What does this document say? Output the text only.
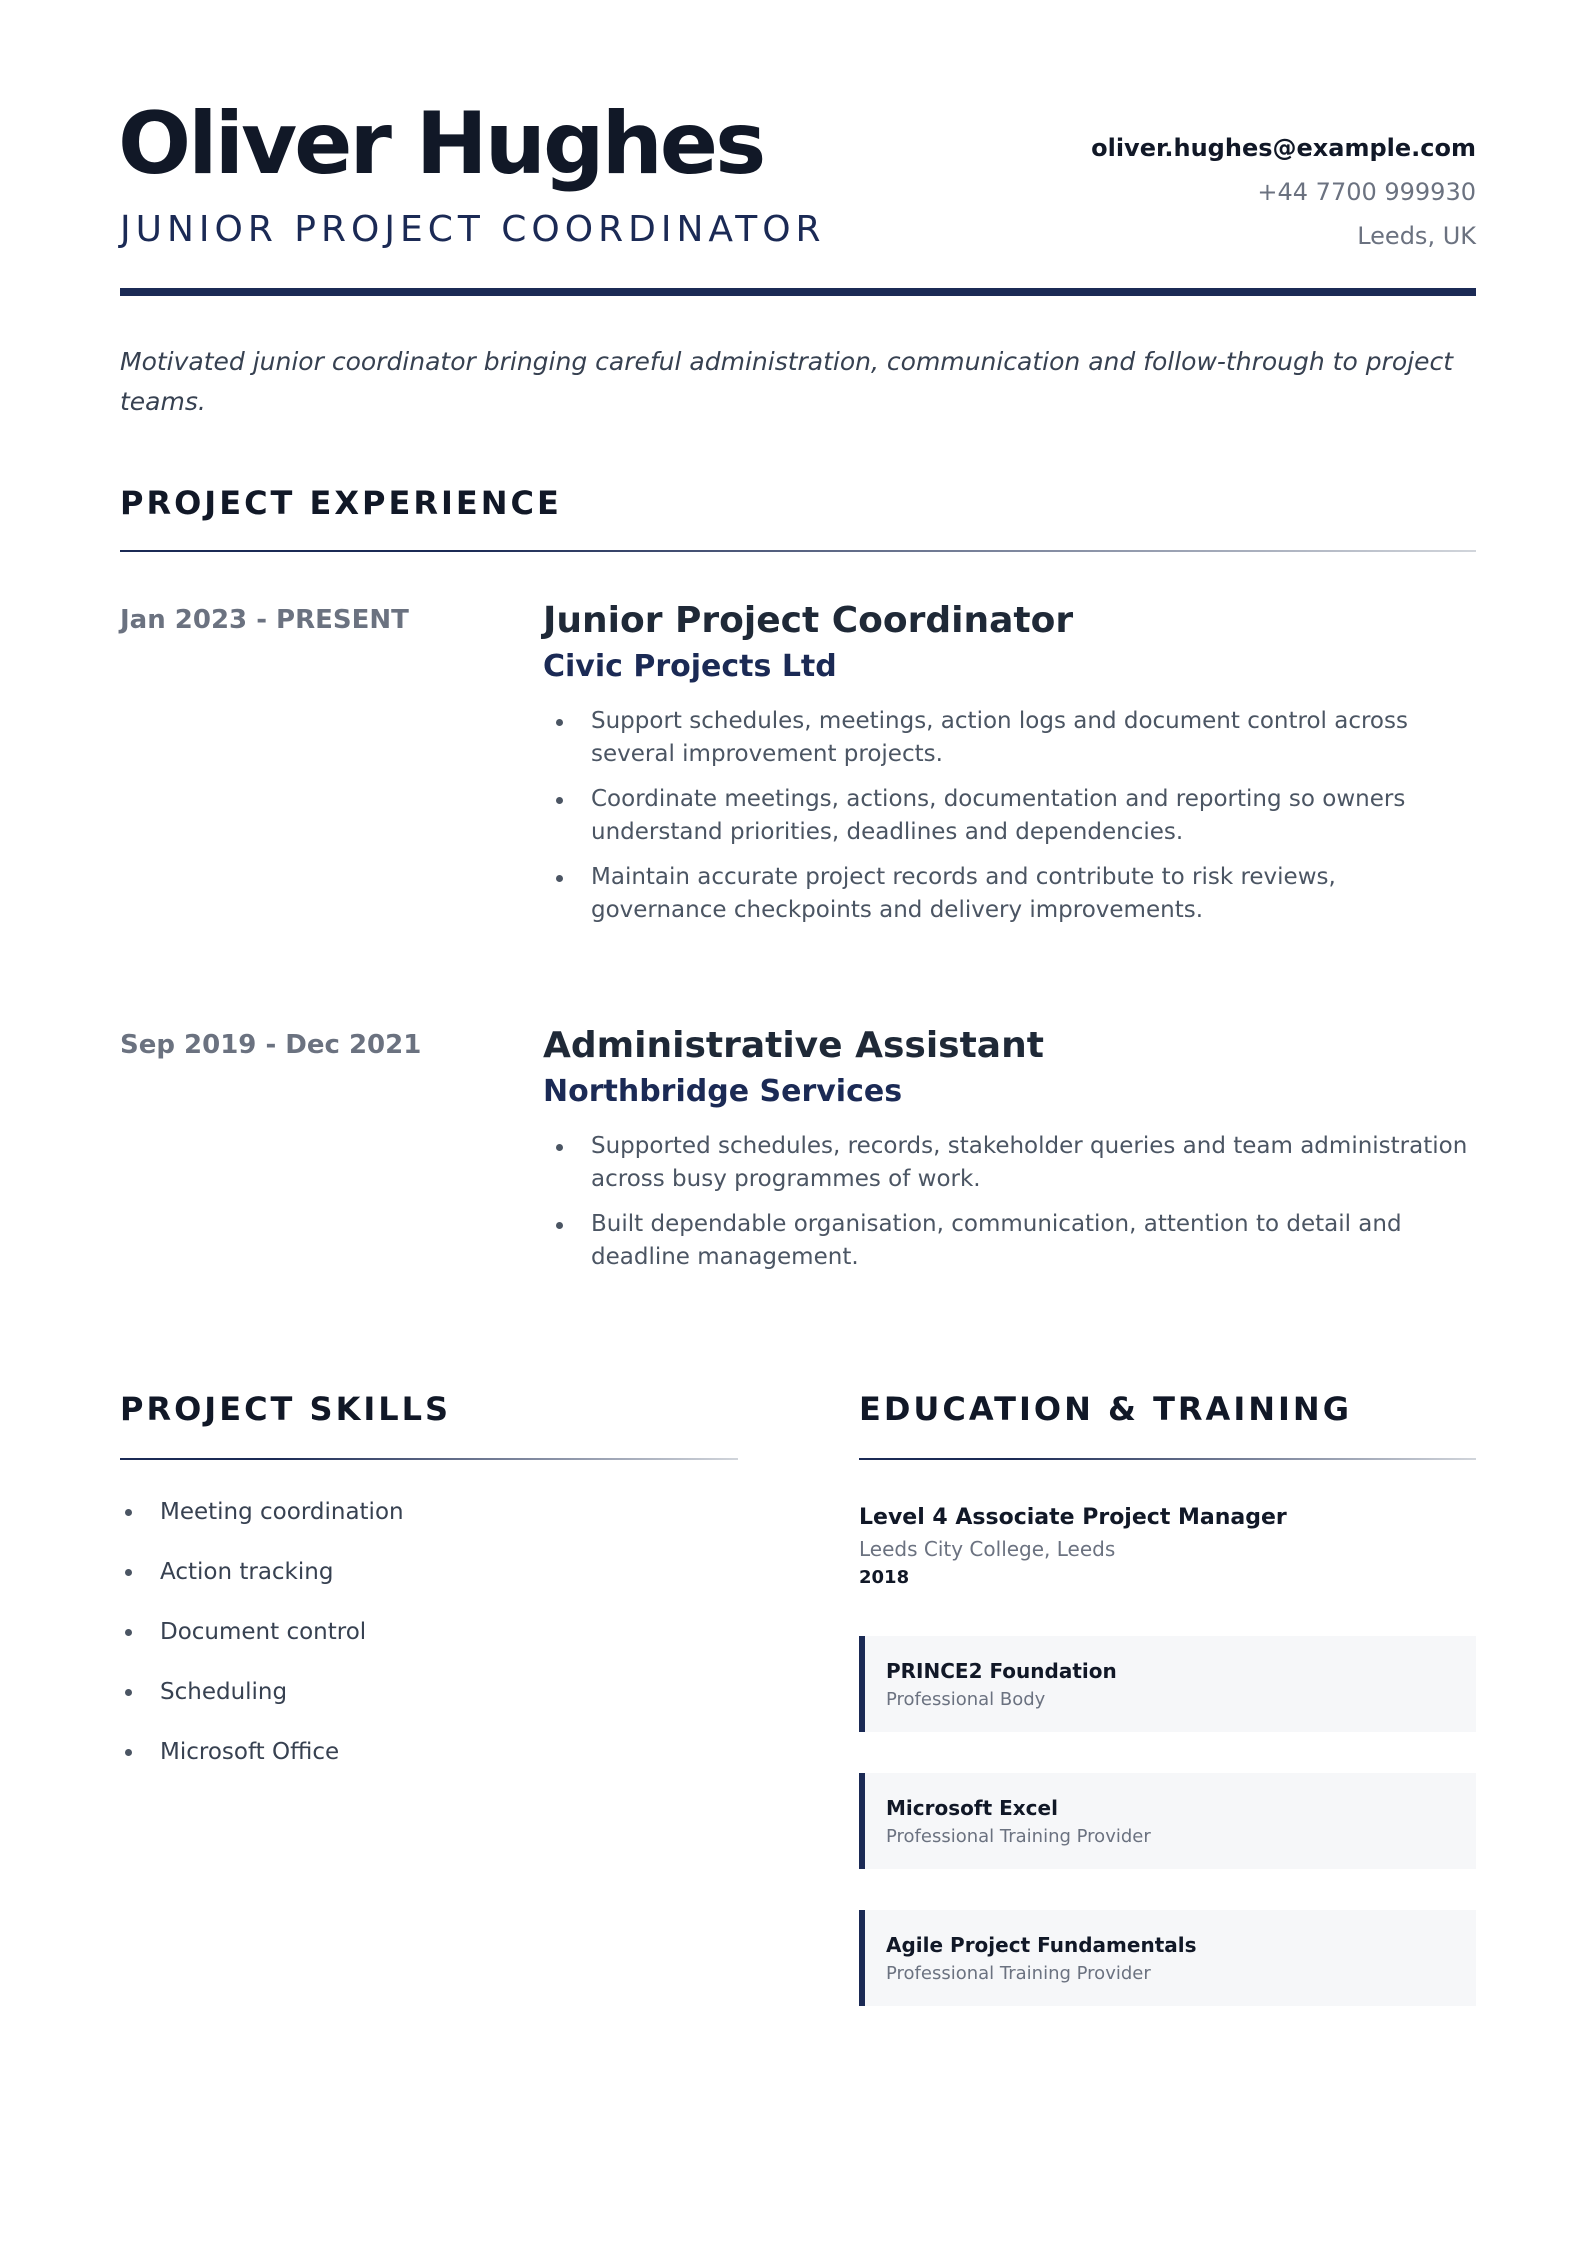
Oliver Hughes
JUNIOR PROJECT COORDINATOR
oliver.hughes@example.com
+44 7700 999930
Leeds, UK
Motivated junior coordinator bringing careful administration, communication and follow-through to project teams.
PROJECT EXPERIENCE
Jan 2023 - PRESENT	Junior Project Coordinator
Civic Projects Ltd
Support schedules, meetings, action logs and document control across several improvement projects.
Coordinate meetings, actions, documentation and reporting so owners understand priorities, deadlines and dependencies.
Maintain accurate project records and contribute to risk reviews, governance checkpoints and delivery improvements.
Sep 2019 - Dec 2021	Administrative Assistant
Northbridge Services
Supported schedules, records, stakeholder queries and team administration across busy programmes of work.
Built dependable organisation, communication, attention to detail and deadline management.
PROJECT SKILLS
Meeting coordination
Action tracking
Document control
Scheduling
Microsoft Office
EDUCATION & TRAINING
Level 4 Associate Project Manager
Leeds City College, Leeds
2018
PRINCE2 Foundation
Professional Body
Microsoft Excel
Professional Training Provider
Agile Project Fundamentals
Professional Training Provider
